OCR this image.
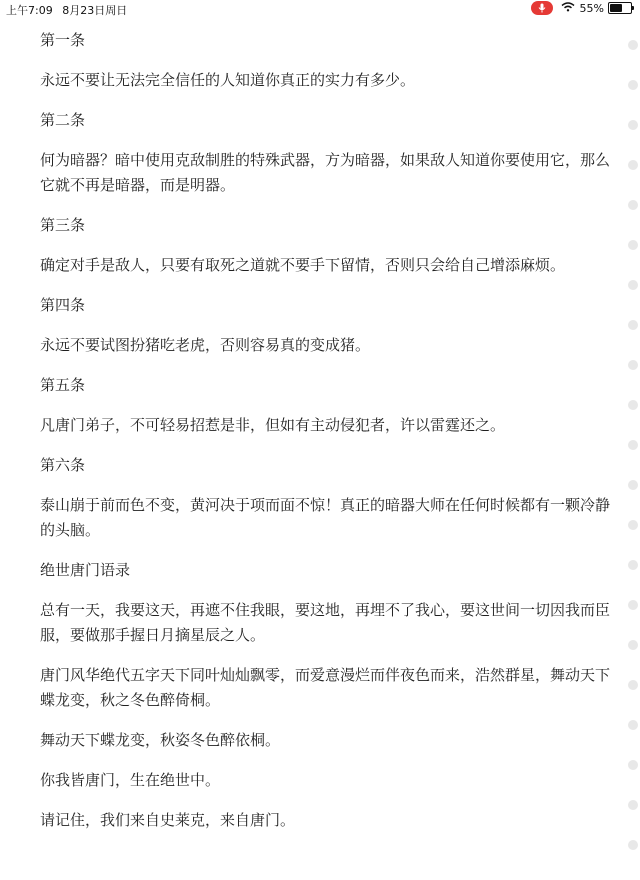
上午7:09 8月23日周日	55%

第一条

永远不要让无法完全信任的人知道你真正的实力有多少。

第二条

何为暗器？暗中使用克敌制胜的特殊武器，方为暗器，如果敌人知道你要使用它，那么它就不再是暗器，而是明器。

第三条

确定对手是敌人，只要有取死之道就不要手下留情，否则只会给自己增添麻烦。

第四条

永远不要试图扮猪吃老虎，否则容易真的变成猪。

第五条

凡唐门弟子，不可轻易招惹是非，但如有主动侵犯者，许以雷霆还之。

第六条

泰山崩于前而色不变，黄河决于项而面不惊！真正的暗器大师在任何时候都有一颗冷静的头脑。

绝世唐门语录

总有一天，我要这天，再遮不住我眼，要这地，再埋不了我心，要这世间一切因我而臣服，要做那手握日月摘星辰之人。

唐门风华绝代五字天下同叶灿灿飘零，而爱意漫烂而伴夜色而来，浩然群星，舞动天下蝶龙变，秋之冬色醉倚桐。

舞动天下蝶龙变，秋姿冬色醉依桐。

你我皆唐门，生在绝世中。

请记住，我们来自史莱克，来自唐门。
